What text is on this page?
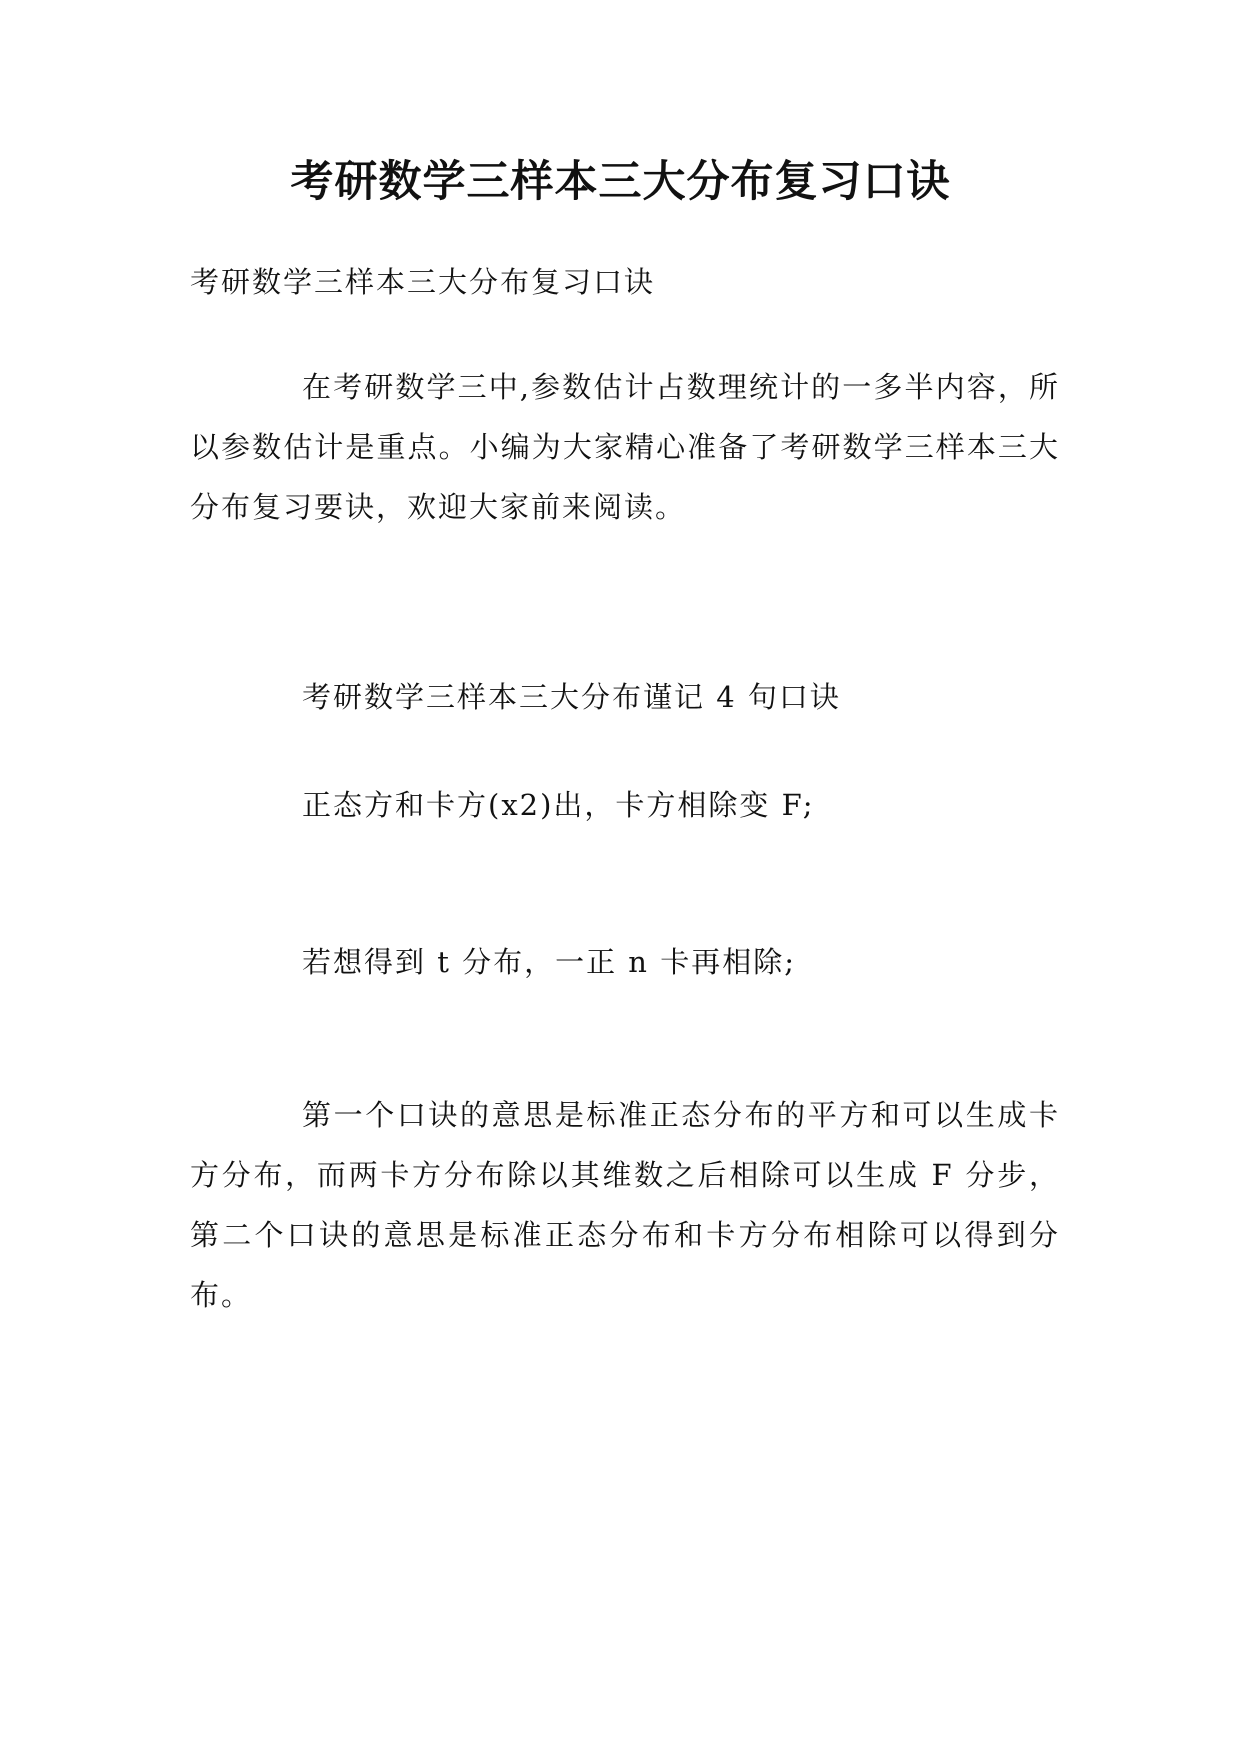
考研数学三样本三大分布复习口诀

考研数学三样本三大分布复习口诀

在考研数学三中,参数估计占数理统计的一多半内容，所以参数估计是重点。小编为大家精心准备了考研数学三样本三大分布复习要诀，欢迎大家前来阅读。

考研数学三样本三大分布谨记 4 句口诀

正态方和卡方(x2)出，卡方相除变 F;

若想得到 t 分布，一正 n 卡再相除;

第一个口诀的意思是标准正态分布的平方和可以生成卡方分布，而两卡方分布除以其维数之后相除可以生成 F 分步，第二个口诀的意思是标准正态分布和卡方分布相除可以得到分布。
